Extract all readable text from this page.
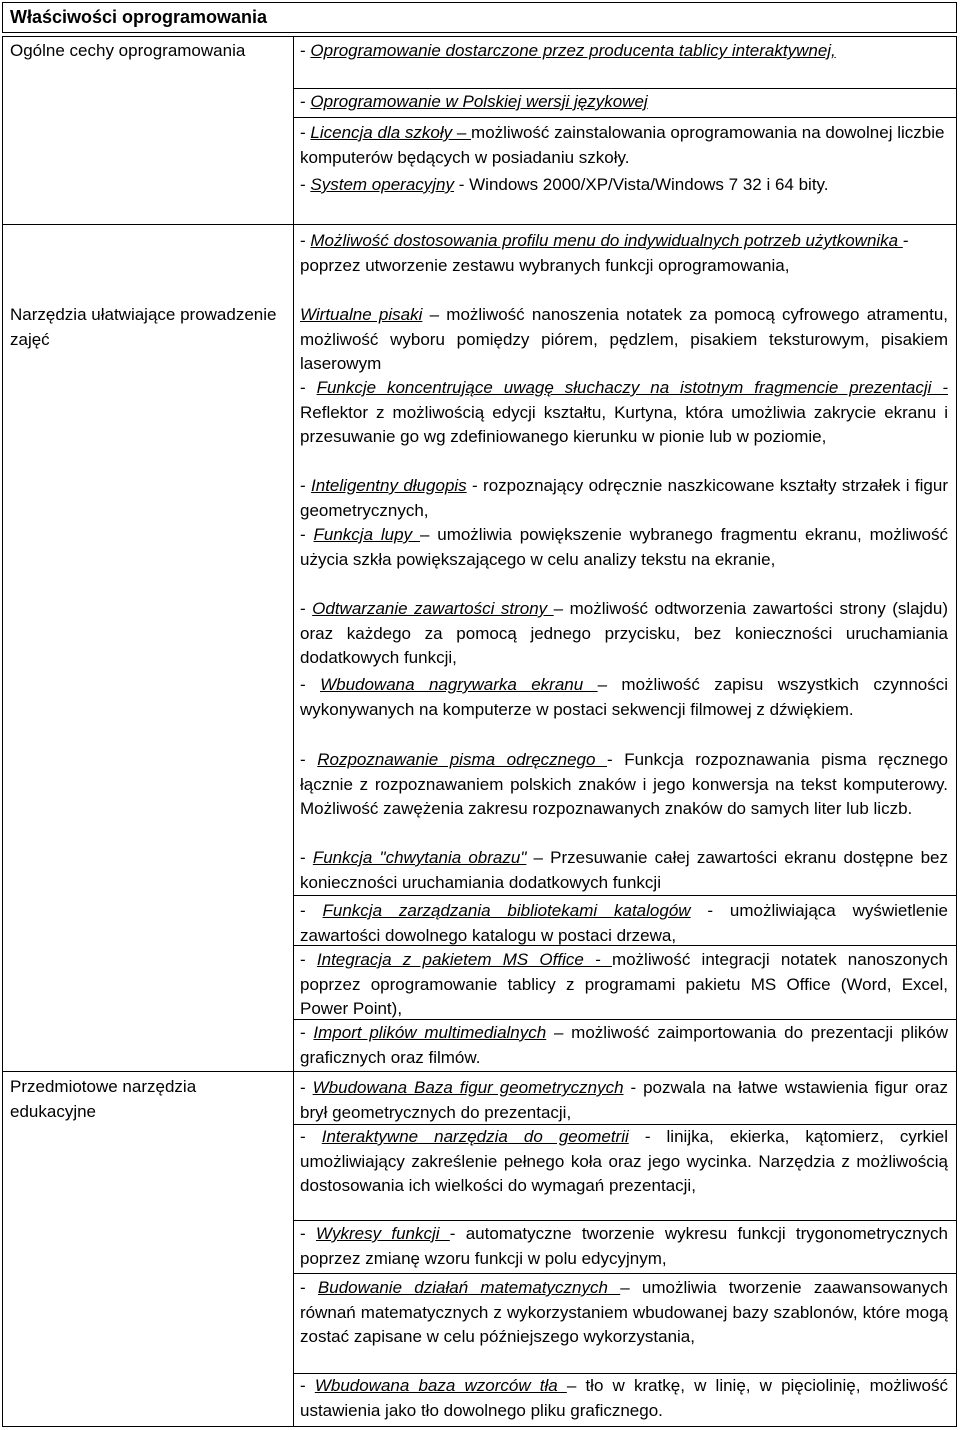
Właściwości oprogramowania
Ogólne cechy oprogramowania
Narzędzia ułatwiające prowadzenie zajęć
Przedmiotowe narzędzia edukacyjne
- Oprogramowanie dostarczone przez producenta tablicy interaktywnej,
- Oprogramowanie w Polskiej wersji językowej
- Licencja dla szkoły – możliwość zainstalowania oprogramowania na dowolnej liczbie komputerów będących w posiadaniu szkoły.
- System operacyjny - Windows 2000/XP/Vista/Windows 7 32 i 64 bity.
- Możliwość dostosowania profilu menu do indywidualnych potrzeb użytkownika - poprzez utworzenie zestawu wybranych funkcji oprogramowania,
Wirtualne pisaki – możliwość nanoszenia notatek za pomocą cyfrowego atramentu, możliwość wyboru pomiędzy piórem, pędzlem, pisakiem teksturowym, pisakiem laserowym
- Funkcje koncentrujące uwagę słuchaczy na istotnym fragmencie prezentacji - Reflektor z możliwością edycji kształtu, Kurtyna, która umożliwia zakrycie ekranu i przesuwanie go wg zdefiniowanego kierunku w pionie lub w poziomie,
- Inteligentny długopis - rozpoznający odręcznie naszkicowane kształty strzałek i figur geometrycznych,
- Funkcja lupy – umożliwia powiększenie wybranego fragmentu ekranu, możliwość użycia szkła powiększającego w celu analizy tekstu na ekranie,
- Odtwarzanie zawartości strony – możliwość odtworzenia zawartości strony (slajdu) oraz każdego za pomocą jednego przycisku, bez konieczności uruchamiania dodatkowych funkcji,
- Wbudowana nagrywarka ekranu – możliwość zapisu wszystkich czynności wykonywanych na komputerze w postaci sekwencji filmowej z dźwiękiem.
- Rozpoznawanie pisma odręcznego - Funkcja rozpoznawania pisma ręcznego łącznie z rozpoznawaniem polskich znaków i jego konwersja na tekst komputerowy. Możliwość zawężenia zakresu rozpoznawanych znaków do samych liter lub liczb.
- Funkcja "chwytania obrazu" – Przesuwanie całej zawartości ekranu dostępne bez konieczności uruchamiania dodatkowych funkcji
- Funkcja zarządzania bibliotekami katalogów - umożliwiająca wyświetlenie zawartości dowolnego katalogu w postaci drzewa,
- Integracja z pakietem MS Office - możliwość integracji notatek nanoszonych poprzez oprogramowanie tablicy z programami pakietu MS Office (Word, Excel, Power Point),
- Import plików multimedialnych – możliwość zaimportowania do prezentacji plików graficznych oraz filmów.
- Wbudowana Baza figur geometrycznych - pozwala na łatwe wstawienia figur oraz brył geometrycznych do prezentacji,
- Interaktywne narzędzia do geometrii - linijka, ekierka, kątomierz, cyrkiel umożliwiający zakreślenie pełnego koła oraz jego wycinka. Narzędzia z możliwością dostosowania ich wielkości do wymagań prezentacji,
- Wykresy funkcji - automatyczne tworzenie wykresu funkcji trygonometrycznych poprzez zmianę wzoru funkcji w polu edycyjnym,
- Budowanie działań matematycznych – umożliwia tworzenie zaawansowanych równań matematycznych z wykorzystaniem wbudowanej bazy szablonów, które mogą zostać zapisane w celu późniejszego wykorzystania,
- Wbudowana baza wzorców tła – tło w kratkę, w linię, w pięciolinię, możliwość ustawienia jako tło dowolnego pliku graficznego.
